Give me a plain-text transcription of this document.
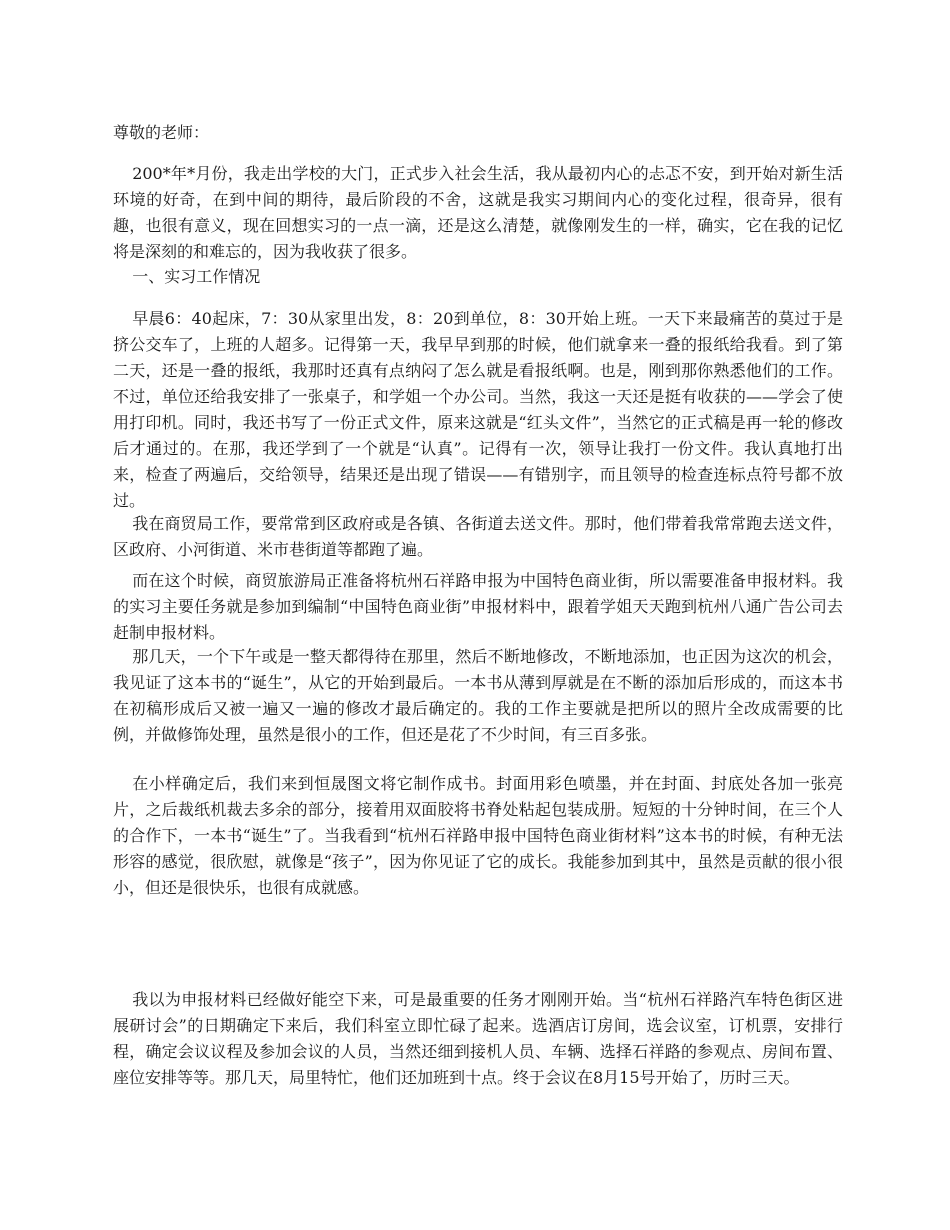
尊敬的老师：

200*年*月份，我走出学校的大门，正式步入社会生活，我从最初内心的忐忑不安，到开始对新生活环境的好奇，在到中间的期待，最后阶段的不舍，这就是我实习期间内心的变化过程，很奇异，很有趣，也很有意义，现在回想实习的一点一滴，还是这么清楚，就像刚发生的一样，确实，它在我的记忆将是深刻的和难忘的，因为我收获了很多。

一、实习工作情况

早晨6：40起床，7：30从家里出发，8：20到单位，8：30开始上班。一天下来最痛苦的莫过于是挤公交车了，上班的人超多。记得第一天，我早早到那的时候，他们就拿来一叠的报纸给我看。到了第二天，还是一叠的报纸，我那时还真有点纳闷了怎么就是看报纸啊。也是，刚到那你熟悉他们的工作。不过，单位还给我安排了一张桌子，和学姐一个办公司。当然，我这一天还是挺有收获的——学会了使用打印机。同时，我还书写了一份正式文件，原来这就是“红头文件”，当然它的正式稿是再一轮的修改后才通过的。在那，我还学到了一个就是“认真”。记得有一次，领导让我打一份文件。我认真地打出来，检查了两遍后，交给领导，结果还是出现了错误——有错别字，而且领导的检查连标点符号都不放过。

我在商贸局工作，要常常到区政府或是各镇、各街道去送文件。那时，他们带着我常常跑去送文件，区政府、小河街道、米市巷街道等都跑了遍。

而在这个时候，商贸旅游局正准备将杭州石祥路申报为中国特色商业街，所以需要准备申报材料。我的实习主要任务就是参加到编制“中国特色商业街”申报材料中，跟着学姐天天跑到杭州八通广告公司去赶制申报材料。

那几天，一个下午或是一整天都得待在那里，然后不断地修改，不断地添加，也正因为这次的机会，我见证了这本书的“诞生”，从它的开始到最后。一本书从薄到厚就是在不断的添加后形成的，而这本书在初稿形成后又被一遍又一遍的修改才最后确定的。我的工作主要就是把所以的照片全改成需要的比例，并做修饰处理，虽然是很小的工作，但还是花了不少时间，有三百多张。

在小样确定后，我们来到恒晟图文将它制作成书。封面用彩色喷墨，并在封面、封底处各加一张亮片，之后裁纸机裁去多余的部分，接着用双面胶将书脊处粘起包装成册。短短的十分钟时间，在三个人的合作下，一本书“诞生”了。当我看到“杭州石祥路申报中国特色商业街材料”这本书的时候，有种无法形容的感觉，很欣慰，就像是“孩子”，因为你见证了它的成长。我能参加到其中，虽然是贡献的很小很小，但还是很快乐，也很有成就感。

我以为申报材料已经做好能空下来，可是最重要的任务才刚刚开始。当“杭州石祥路汽车特色街区进展研讨会”的日期确定下来后，我们科室立即忙碌了起来。选酒店订房间，选会议室，订机票，安排行程，确定会议议程及参加会议的人员，当然还细到接机人员、车辆、选择石祥路的参观点、房间布置、座位安排等等。那几天，局里特忙，他们还加班到十点。终于会议在8月15号开始了，历时三天。
